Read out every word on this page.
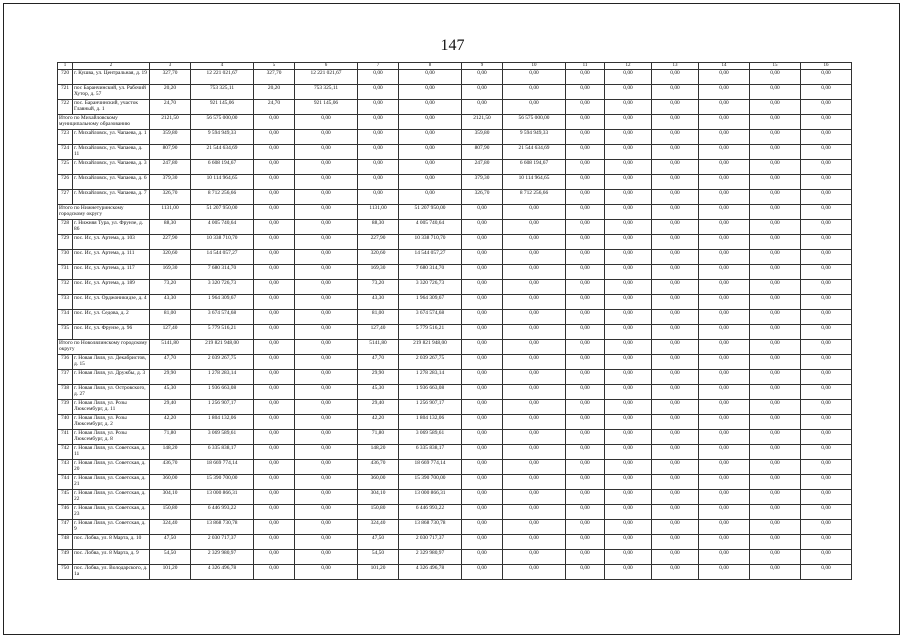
147
1	2	3	4	5	6	7	8	9	10	11	12	13	14	15	16
720	г. Кушва, ул. Центральная, д. 19	327,70	12 221 021,67	327,70	12 221 021,67	0,00	0,00	0,00	0,00	0,00	0,00	0,00	0,00	0,00	0,00
721	пос Баранчинский, ул. Рабочий Хутор, д. 57	20,20	753 325,11	20,20	753 325,11	0,00	0,00	0,00	0,00	0,00	0,00	0,00	0,00	0,00	0,00
722	пос. Баранчинский, участок Главный, д. 1	24,70	921 145,06	24,70	921 145,06	0,00	0,00	0,00	0,00	0,00	0,00	0,00	0,00	0,00	0,00
Итого по Михайловскому муниципальному образованию		2121,50	56 575 000,00	0,00	0,00	0,00	0,00	2121,50	56 575 000,00	0,00	0,00	0,00	0,00	0,00	0,00
723	г. Михайловск, ул. Чапаева, д. 1	359,80	9 594 949,33	0,00	0,00	0,00	0,00	359,80	9 594 949,33	0,00	0,00	0,00	0,00	0,00	0,00
724	г. Михайловск, ул. Чапаева, д. 11	807,90	21 544 634,69	0,00	0,00	0,00	0,00	807,90	21 544 634,69	0,00	0,00	0,00	0,00	0,00	0,00
725	г. Михайловск, ул. Чапаева, д. 3	247,80	6 608 194,67	0,00	0,00	0,00	0,00	247,80	6 608 194,67	0,00	0,00	0,00	0,00	0,00	0,00
726	г. Михайловск, ул. Чапаева, д. 6	379,30	10 114 964,65	0,00	0,00	0,00	0,00	379,30	10 114 964,65	0,00	0,00	0,00	0,00	0,00	0,00
727	г. Михайловск, ул. Чапаева, д. 7	326,70	8 712 256,66	0,00	0,00	0,00	0,00	326,70	8 712 256,66	0,00	0,00	0,00	0,00	0,00	0,00
Итого по Нижнетуринскому городскому округу		1131,00	51 207 950,00	0,00	0,00	1131,00	51 207 950,00	0,00	0,00	0,00	0,00	0,00	0,00	0,00	0,00
728	г. Нижняя Тура, ул. Фрунзе, д. 86	88,30	4 005 740,64	0,00	0,00	88,30	4 005 740,64	0,00	0,00	0,00	0,00	0,00	0,00	0,00	0,00
729	пос. Ис, ул. Артема, д. 103	227,90	10 338 710,70	0,00	0,00	227,90	10 338 710,70	0,00	0,00	0,00	0,00	0,00	0,00	0,00	0,00
730	пос. Ис, ул. Артема, д. 111	320,60	14 544 057,27	0,00	0,00	320,60	14 544 057,27	0,00	0,00	0,00	0,00	0,00	0,00	0,00	0,00
731	пос. Ис, ул. Артема, д. 117	169,30	7 680 314,70	0,00	0,00	169,30	7 680 314,70	0,00	0,00	0,00	0,00	0,00	0,00	0,00	0,00
732	пос. Ис, ул. Артема, д. 189	73,20	3 320 726,73	0,00	0,00	73,20	3 320 726,73	0,00	0,00	0,00	0,00	0,00	0,00	0,00	0,00
733	пос. Ис, ул. Орджоникидзе, д. 4	43,30	1 964 309,67	0,00	0,00	43,30	1 964 309,67	0,00	0,00	0,00	0,00	0,00	0,00	0,00	0,00
734	пос. Ис, ул. Седова, д. 2	81,00	3 674 574,68	0,00	0,00	81,00	3 674 574,68	0,00	0,00	0,00	0,00	0,00	0,00	0,00	0,00
735	пос. Ис, ул. Фрунзе, д. 96	127,40	5 779 516,21	0,00	0,00	127,40	5 779 516,21	0,00	0,00	0,00	0,00	0,00	0,00	0,00	0,00
Итого по Новолялинскому городскому округу		5141,80	219 821 948,00	0,00	0,00	5141,80	219 821 948,00	0,00	0,00	0,00	0,00	0,00	0,00	0,00	0,00
736	г. Новая Ляля, ул. Декабристов, д. 15	47,70	2 039 267,75	0,00	0,00	47,70	2 039 267,75	0,00	0,00	0,00	0,00	0,00	0,00	0,00	0,00
737	г. Новая Ляля, ул. Дружбы, д. 3	29,90	1 278 283,14	0,00	0,00	29,90	1 278 283,14	0,00	0,00	0,00	0,00	0,00	0,00	0,00	0,00
738	г. Новая Ляля, ул. Островского, д. 27	45,30	1 936 663,08	0,00	0,00	45,30	1 936 663,08	0,00	0,00	0,00	0,00	0,00	0,00	0,00	0,00
739	г. Новая Ляля, ул. Розы Люксембург, д. 11	29,40	1 256 907,17	0,00	0,00	29,40	1 256 907,17	0,00	0,00	0,00	0,00	0,00	0,00	0,00	0,00
740	г. Новая Ляля, ул. Розы Люксембург, д. 2	42,20	1 804 132,06	0,00	0,00	42,20	1 804 132,06	0,00	0,00	0,00	0,00	0,00	0,00	0,00	0,00
741	г. Новая Ляля, ул. Розы Люксембург, д. 8	71,80	3 069 589,61	0,00	0,00	71,80	3 069 589,61	0,00	0,00	0,00	0,00	0,00	0,00	0,00	0,00
742	г. Новая Ляля, ул. Советская, д. 11	148,20	6 335 838,17	0,00	0,00	148,20	6 335 838,17	0,00	0,00	0,00	0,00	0,00	0,00	0,00	0,00
743	г. Новая Ляля, ул. Советская, д. 20	436,70	18 669 774,14	0,00	0,00	436,70	18 669 774,14	0,00	0,00	0,00	0,00	0,00	0,00	0,00	0,00
744	г. Новая Ляля, ул. Советская, д. 21	360,00	15 390 700,00	0,00	0,00	360,00	15 390 700,00	0,00	0,00	0,00	0,00	0,00	0,00	0,00	0,00
745	г. Новая Ляля, ул. Советская, д. 22	304,10	13 000 866,31	0,00	0,00	304,10	13 000 866,31	0,00	0,00	0,00	0,00	0,00	0,00	0,00	0,00
746	г. Новая Ляля, ул. Советская, д. 23	150,80	6 446 993,22	0,00	0,00	150,80	6 446 993,22	0,00	0,00	0,00	0,00	0,00	0,00	0,00	0,00
747	г. Новая Ляля, ул. Советская, д. 9	324,40	13 868 730,78	0,00	0,00	324,40	13 868 730,78	0,00	0,00	0,00	0,00	0,00	0,00	0,00	0,00
748	пос. Лобва, ул. 8 Марта, д. 10	47,50	2 030 717,37	0,00	0,00	47,50	2 030 717,37	0,00	0,00	0,00	0,00	0,00	0,00	0,00	0,00
749	пос. Лобва, ул. 8 Марта, д. 9	54,50	2 329 980,97	0,00	0,00	54,50	2 329 980,97	0,00	0,00	0,00	0,00	0,00	0,00	0,00	0,00
750	пос. Лобва, ул. Володарского, д. 1а	101,20	4 326 496,78	0,00	0,00	101,20	4 326 496,78	0,00	0,00	0,00	0,00	0,00	0,00	0,00	0,00
